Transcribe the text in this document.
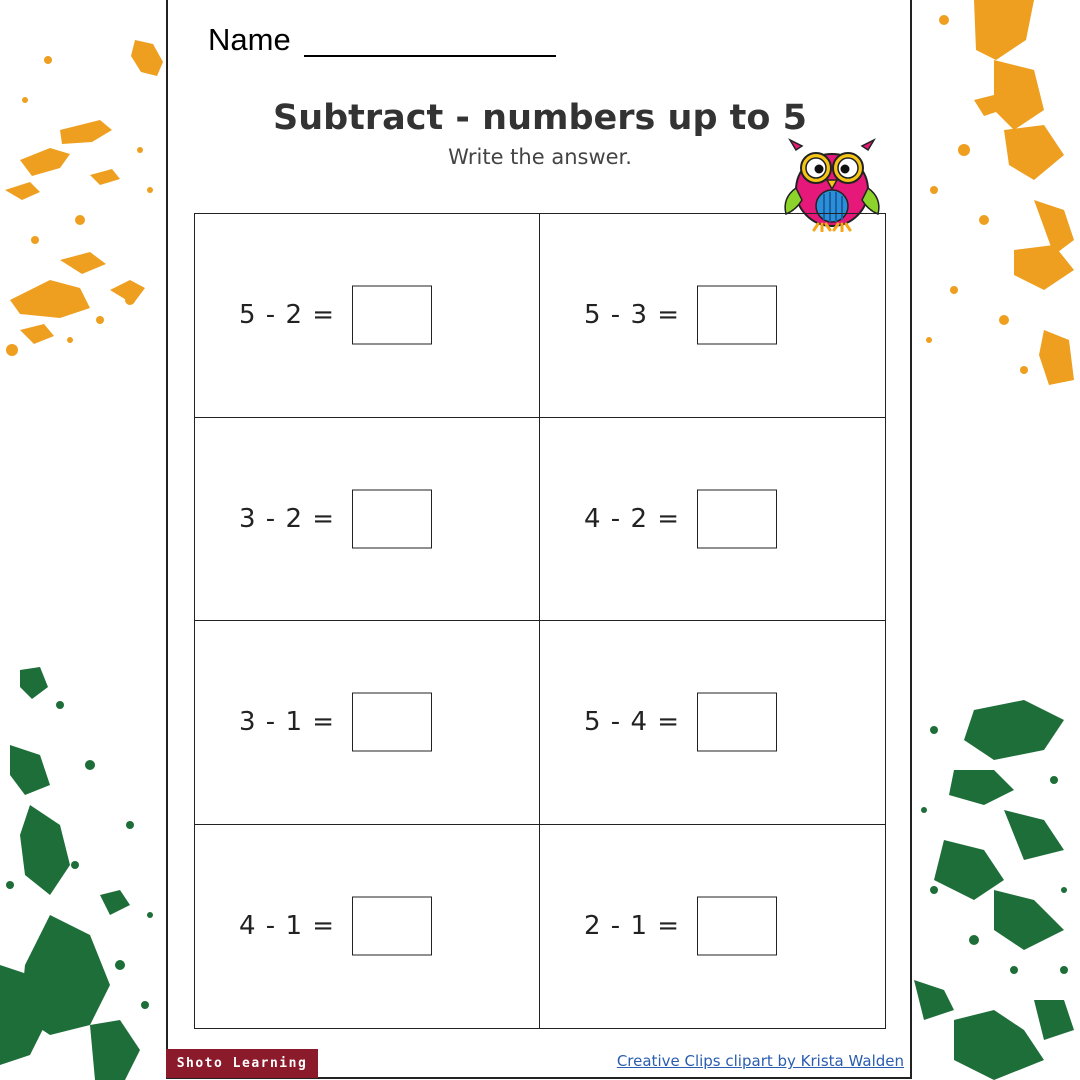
Name
Subtract - numbers up to 5
Write the answer.
5 - 2 =	5 - 3 =
3 - 2 =	4 - 2 =
3 - 1 =	5 - 4 =
4 - 1 =	2 - 1 =
Shoto Learning	Creative Clips clipart by Krista Walden
